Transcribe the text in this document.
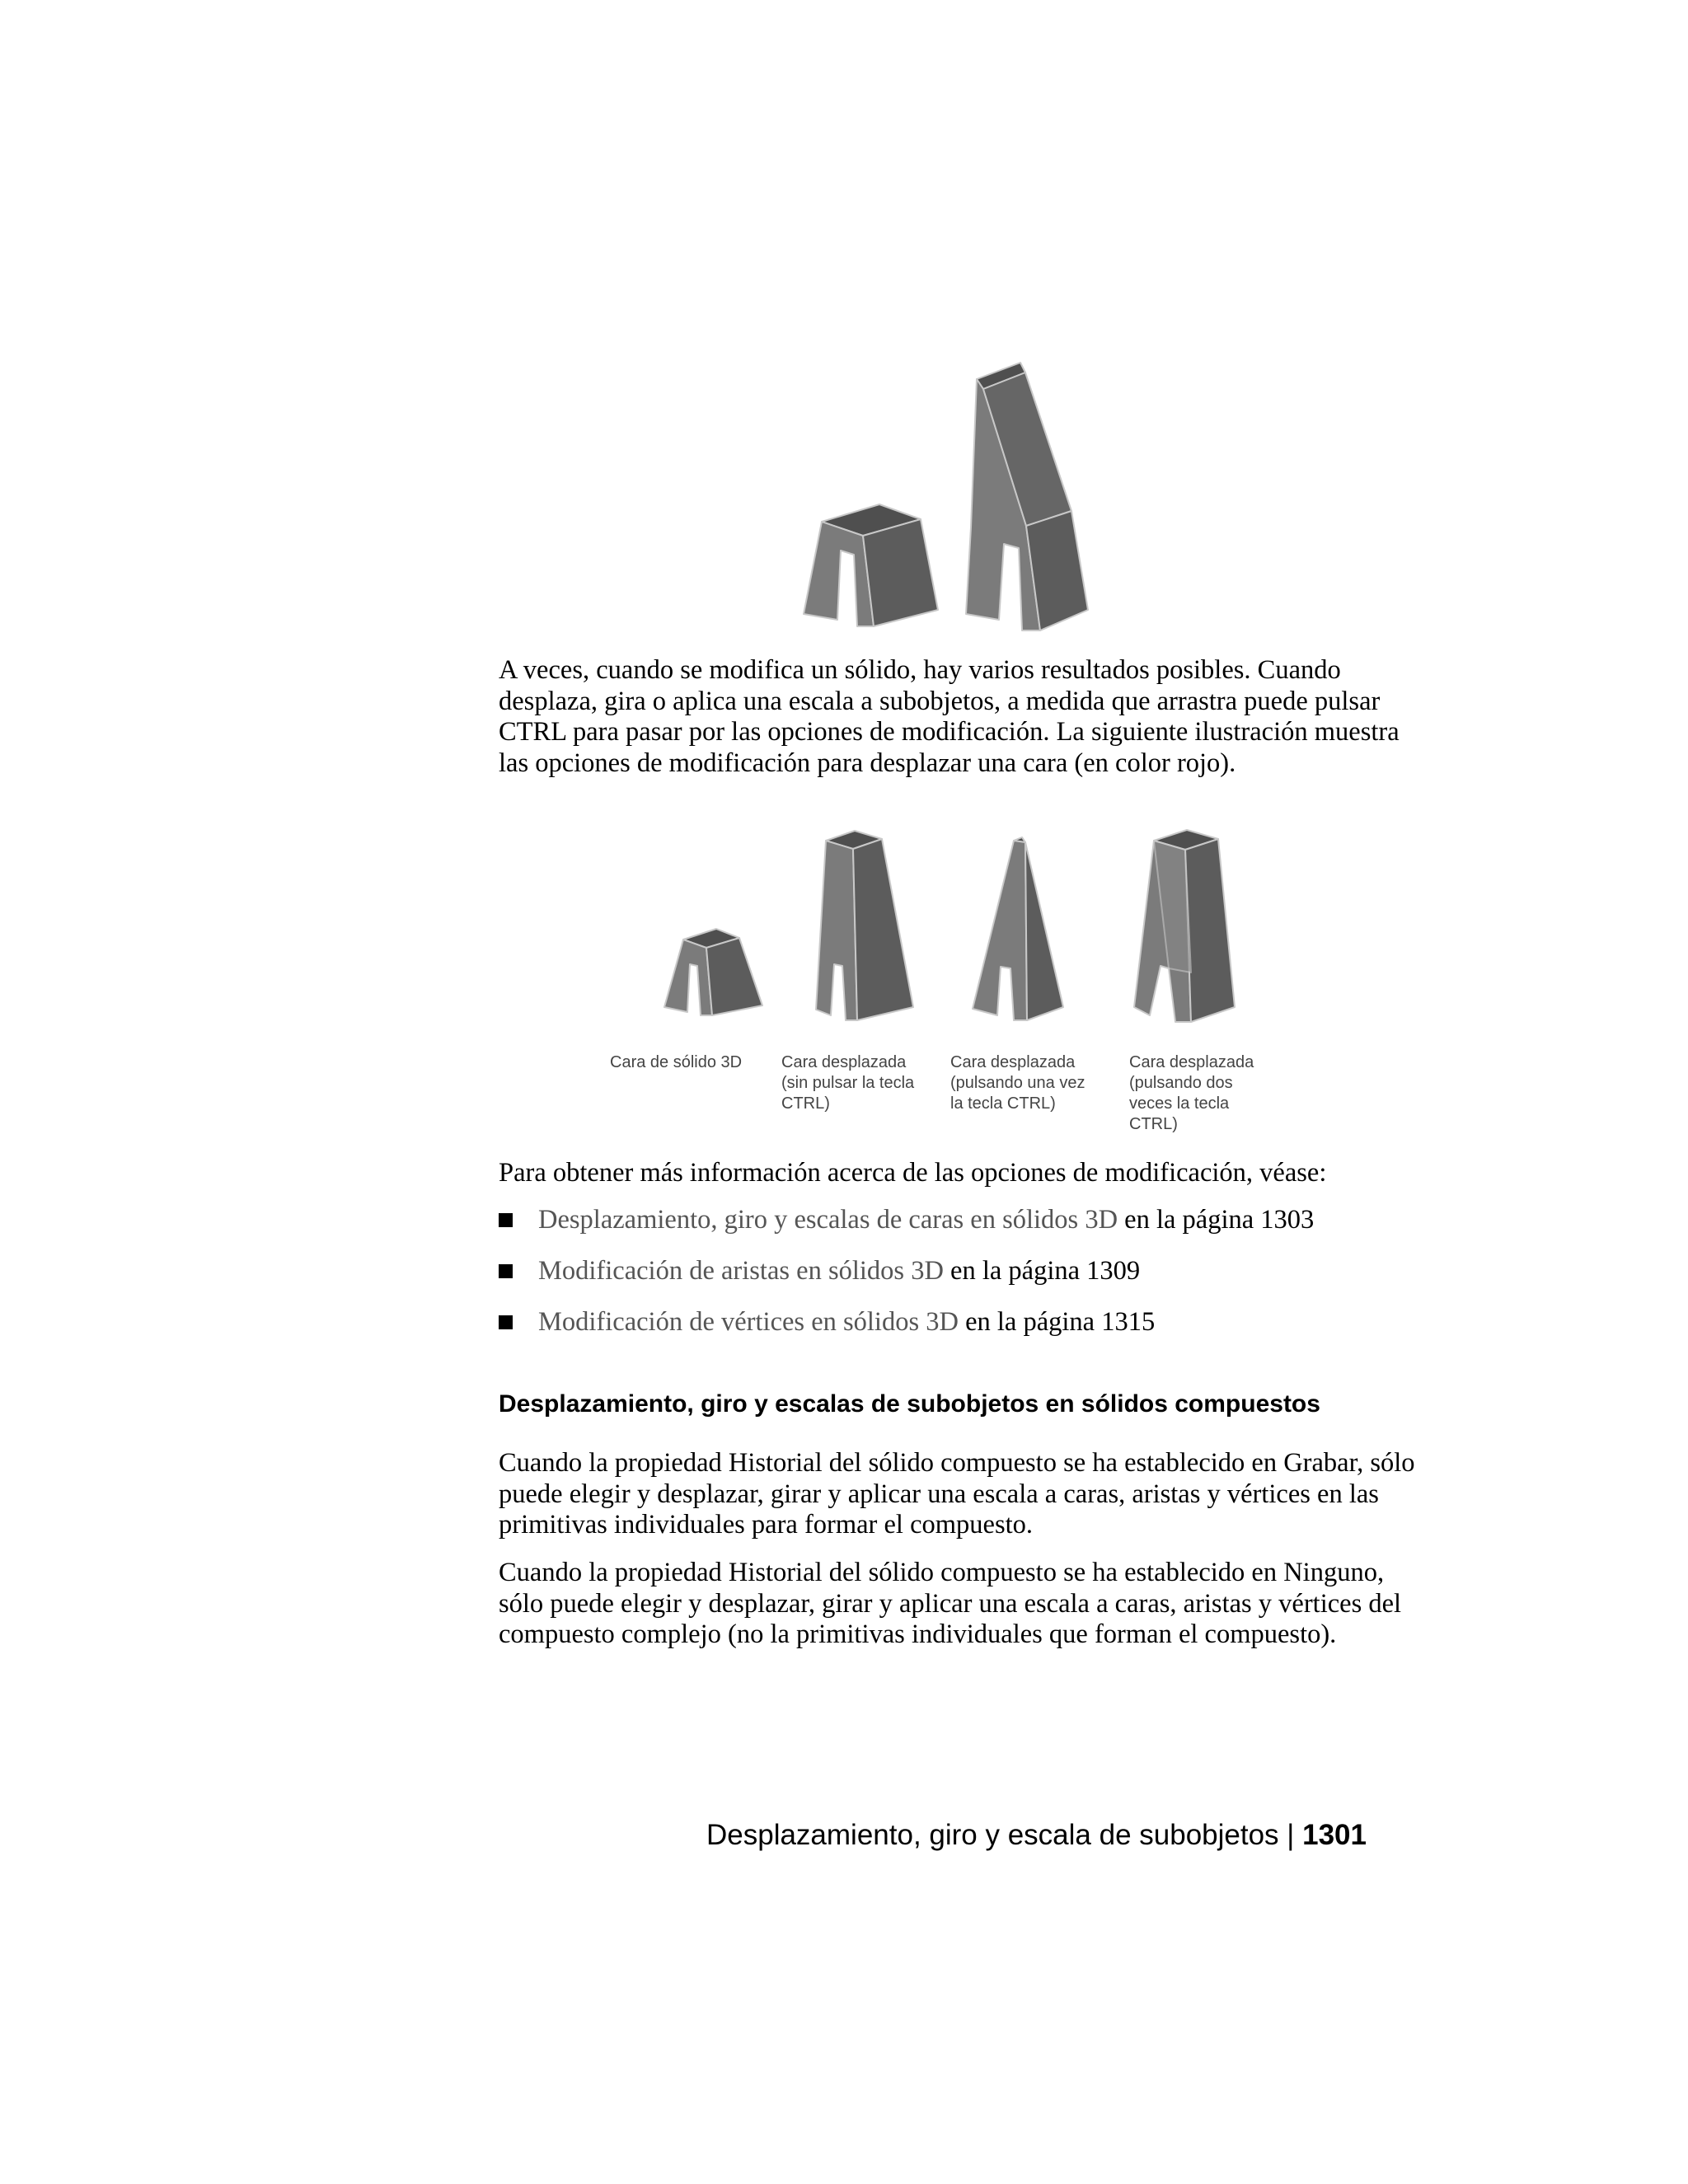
A veces, cuando se modifica un sólido, hay varios resultados posibles. Cuando desplaza, gira o aplica una escala a subobjetos, a medida que arrastra puede pulsar CTRL para pasar por las opciones de modificación. La siguiente ilustración muestra las opciones de modificación para desplazar una cara (en color rojo).
Cara de sólido 3D	Cara desplazada (sin pulsar la tecla CTRL)
Cara desplazada (pulsando una vez la tecla CTRL)
Cara desplazada (pulsando dos veces la tecla CTRL)
Para obtener más información acerca de las opciones de modificación, véase:
Desplazamiento, giro y escalas de caras en sólidos 3D en la página 1303
Modificación de aristas en sólidos 3D en la página 1309
Modificación de vértices en sólidos 3D en la página 1315
Desplazamiento, giro y escalas de subobjetos en sólidos compuestos
Cuando la propiedad Historial del sólido compuesto se ha establecido en Grabar, sólo puede elegir y desplazar, girar y aplicar una escala a caras, aristas y vértices en las primitivas individuales para formar el compuesto.
Cuando la propiedad Historial del sólido compuesto se ha establecido en Ninguno, sólo puede elegir y desplazar, girar y aplicar una escala a caras, aristas y vértices del compuesto complejo (no la primitivas individuales que forman el compuesto).
Desplazamiento, giro y escala de subobjetos | 1301
